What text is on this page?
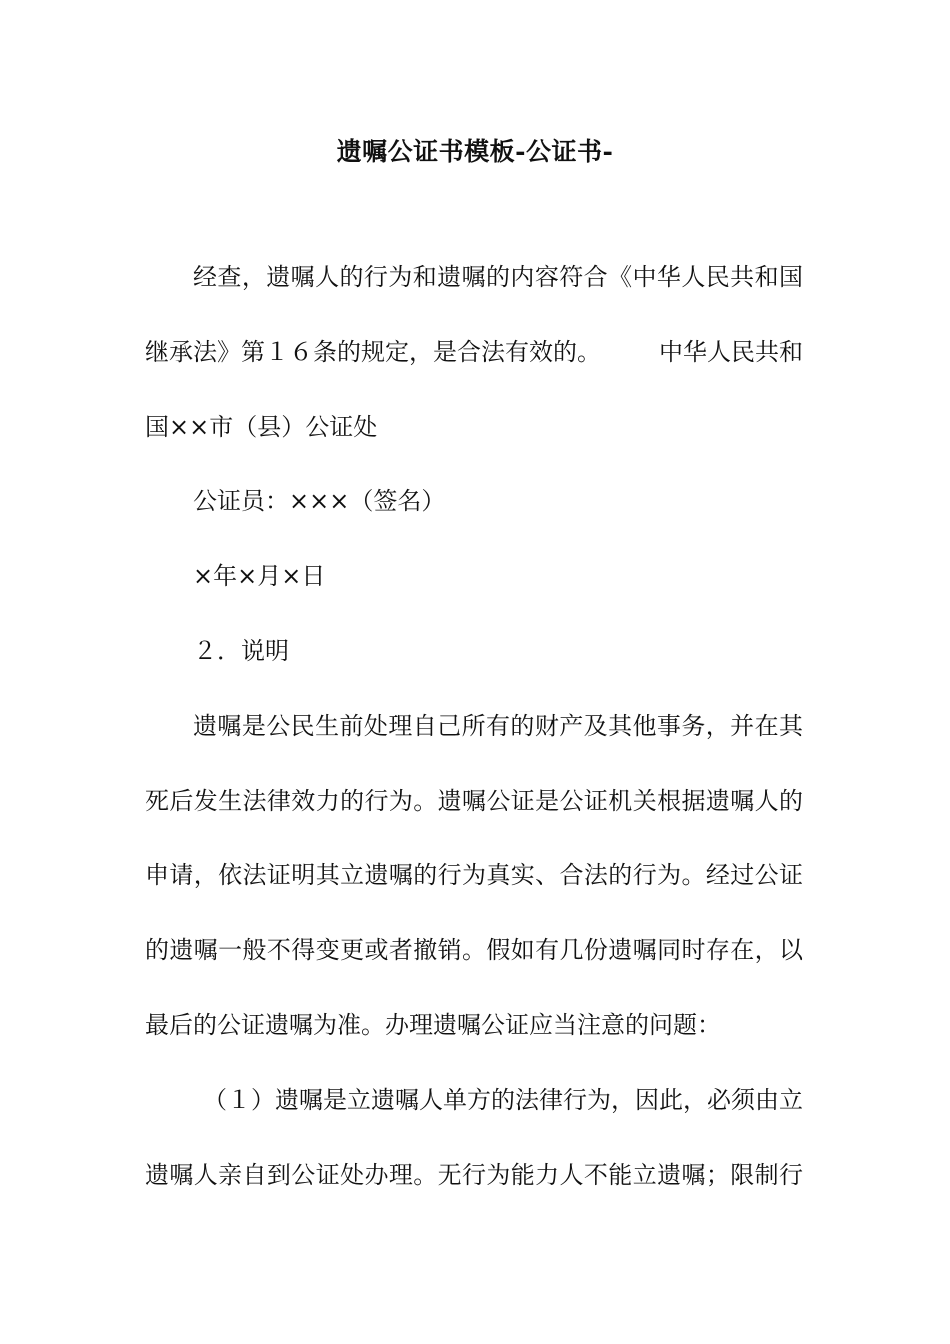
遗嘱公证书模板-公证书-
经查，遗嘱人的行为和遗嘱的内容符合《中华人民共和国
继承法》第１６条的规定，是合法有效的。 中华人民共和
国××市（县）公证处
公证员：×××（签名）
×年×月×日
２．说明
遗嘱是公民生前处理自己所有的财产及其他事务，并在其
死后发生法律效力的行为。遗嘱公证是公证机关根据遗嘱人的
申请，依法证明其立遗嘱的行为真实、合法的行为。经过公证
的遗嘱一般不得变更或者撤销。假如有几份遗嘱同时存在，以
最后的公证遗嘱为准。办理遗嘱公证应当注意的问题：
（１）遗嘱是立遗嘱人单方的法律行为，因此，必须由立
遗嘱人亲自到公证处办理。无行为能力人不能立遗嘱；限制行
